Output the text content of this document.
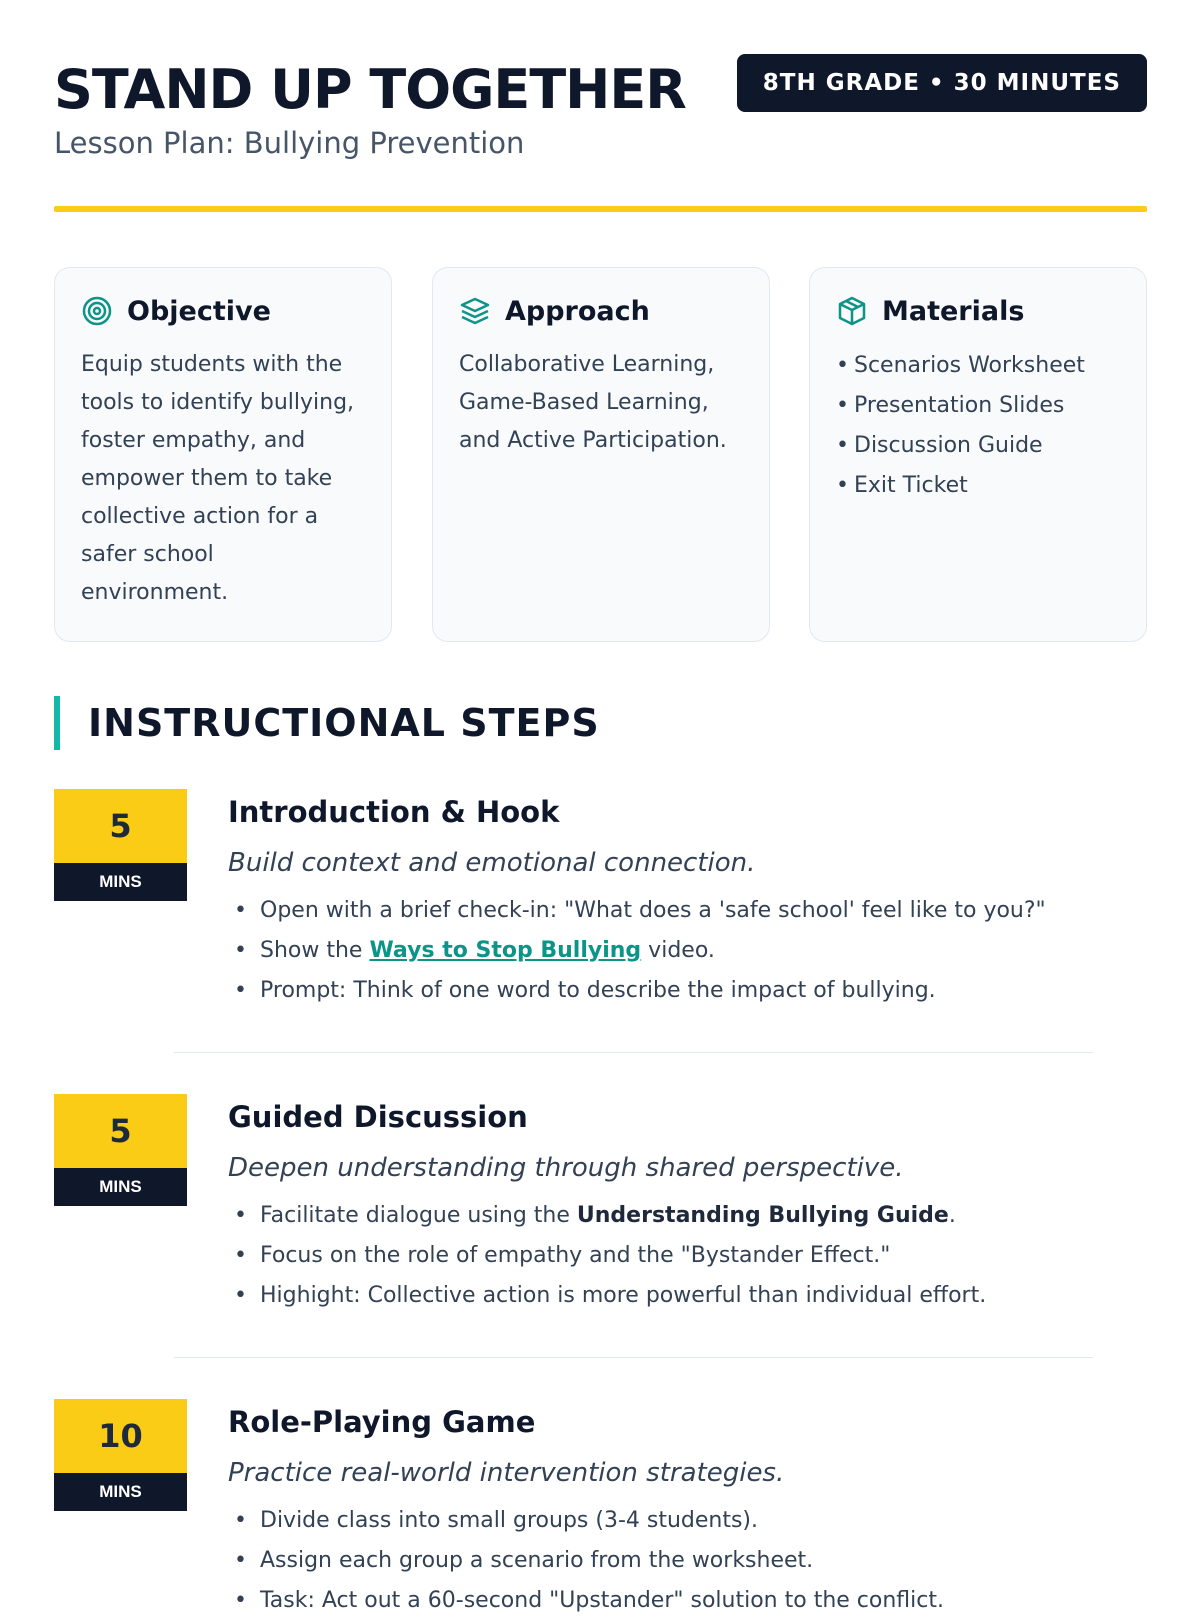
STAND UP TOGETHER
Lesson Plan: Bullying Prevention
8TH GRADE • 30 MINUTES
Objective

Equip students with the tools to identify bullying, foster empathy, and empower them to take collective action for a safer school environment.

Approach

Collaborative Learning, Game-Based Learning, and Active Participation.

Materials
• Scenarios Worksheet
• Presentation Slides
• Discussion Guide
• Exit Ticket
INSTRUCTIONAL STEPS
5
MINS
Introduction & Hook
Build context and emotional connection.
• Open with a brief check-in: "What does a 'safe school' feel like to you?"
• Show the Ways to Stop Bullying video.
• Prompt: Think of one word to describe the impact of bullying.
5
MINS
Guided Discussion
Deepen understanding through shared perspective.
• Facilitate dialogue using the Understanding Bullying Guide.
• Focus on the role of empathy and the "Bystander Effect."
• Highight: Collective action is more powerful than individual effort.
10
MINS
Role-Playing Game
Practice real-world intervention strategies.
• Divide class into small groups (3-4 students).
• Assign each group a scenario from the worksheet.
• Task: Act out a 60-second "Upstander" solution to the conflict.
